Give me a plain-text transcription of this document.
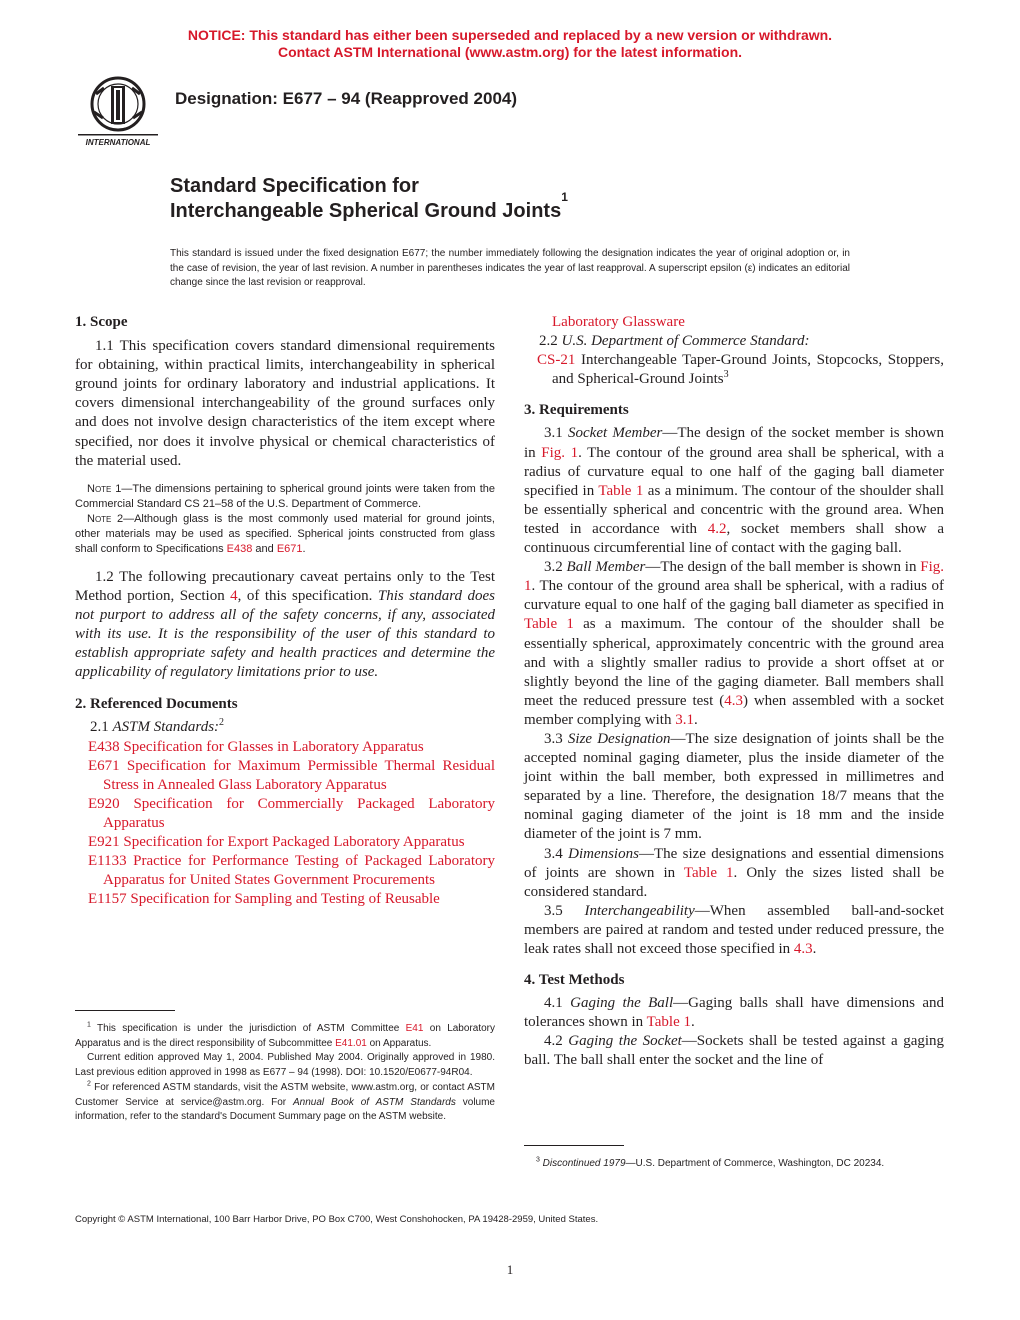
NOTICE: This standard has either been superseded and replaced by a new version or withdrawn.
Contact ASTM International (www.astm.org) for the latest information.
INTERNATIONAL
Designation: E677 – 94 (Reapproved 2004)
Standard Specification for
Interchangeable Spherical Ground Joints$^1$
This standard is issued under the fixed designation E677; the number immediately following the designation indicates the year of original adoption or, in the case of revision, the year of last revision. A number in parentheses indicates the year of last reapproval. A superscript epsilon (ε) indicates an editorial change since the last revision or reapproval.
1. Scope
1.1 This specification covers standard dimensional requirements for obtaining, within practical limits, interchangeability in spherical ground joints for ordinary laboratory and industrial applications. It covers dimensional interchangeability of the ground surfaces only and does not involve design characteristics of the item except where specified, nor does it involve physical or chemical characteristics of the material used.
Note 1—The dimensions pertaining to spherical ground joints were taken from the Commercial Standard CS 21–58 of the U.S. Department of Commerce.
Note 2—Although glass is the most commonly used material for ground joints, other materials may be used as specified. Spherical joints constructed from glass shall conform to Specifications E438 and E671.
1.2 The following precautionary caveat pertains only to the Test Method portion, Section 4, of this specification. This standard does not purport to address all of the safety concerns, if any, associated with its use. It is the responsibility of the user of this standard to establish appropriate safety and health practices and determine the applicability of regulatory limitations prior to use.
2. Referenced Documents
2.1 ASTM Standards:$^2$
E438 Specification for Glasses in Laboratory Apparatus
E671 Specification for Maximum Permissible Thermal Residual Stress in Annealed Glass Laboratory Apparatus
E920 Specification for Commercially Packaged Laboratory Apparatus
E921 Specification for Export Packaged Laboratory Apparatus
E1133 Practice for Performance Testing of Packaged Laboratory Apparatus for United States Government Procurements
E1157 Specification for Sampling and Testing of Reusable
$^1$ This specification is under the jurisdiction of ASTM Committee E41 on Laboratory Apparatus and is the direct responsibility of Subcommittee E41.01 on Apparatus.
Current edition approved May 1, 2004. Published May 2004. Originally approved in 1980. Last previous edition approved in 1998 as E677 – 94 (1998). DOI: 10.1520/E0677-94R04.
$^2$ For referenced ASTM standards, visit the ASTM website, www.astm.org, or contact ASTM Customer Service at service@astm.org. For Annual Book of ASTM Standards volume information, refer to the standard's Document Summary page on the ASTM website.
Laboratory Glassware
2.2 U.S. Department of Commerce Standard:
CS-21 Interchangeable Taper-Ground Joints, Stopcocks, Stoppers, and Spherical-Ground Joints$^3$
3. Requirements
3.1 Socket Member—The design of the socket member is shown in Fig. 1. The contour of the ground area shall be spherical, with a radius of curvature equal to one half of the gaging ball diameter specified in Table 1 as a minimum. The contour of the shoulder shall be essentially spherical and concentric with the ground area. When tested in accordance with 4.2, socket members shall show a continuous circumferential line of contact with the gaging ball.
3.2 Ball Member—The design of the ball member is shown in Fig. 1. The contour of the ground area shall be spherical, with a radius of curvature equal to one half of the gaging ball diameter as specified in Table 1 as a maximum. The contour of the shoulder shall be essentially spherical, approximately concentric with the ground area and with a slightly smaller radius to provide a short offset at or slightly beyond the line of the gaging diameter. Ball members shall meet the reduced pressure test (4.3) when assembled with a socket member complying with 3.1.
3.3 Size Designation—The size designation of joints shall be the accepted nominal gaging diameter, plus the inside diameter of the joint within the ball member, both expressed in millimetres and separated by a line. Therefore, the designation 18/7 means that the nominal gaging diameter of the joint is 18 mm and the inside diameter of the joint is 7 mm.
3.4 Dimensions—The size designations and essential dimensions of joints are shown in Table 1. Only the sizes listed shall be considered standard.
3.5 Interchangeability—When assembled ball-and-socket members are paired at random and tested under reduced pressure, the leak rates shall not exceed those specified in 4.3.
4. Test Methods
4.1 Gaging the Ball—Gaging balls shall have dimensions and tolerances shown in Table 1.
4.2 Gaging the Socket—Sockets shall be tested against a gaging ball. The ball shall enter the socket and the line of
$^3$ Discontinued 1979—U.S. Department of Commerce, Washington, DC 20234.
Copyright © ASTM International, 100 Barr Harbor Drive, PO Box C700, West Conshohocken, PA 19428-2959, United States.
1
